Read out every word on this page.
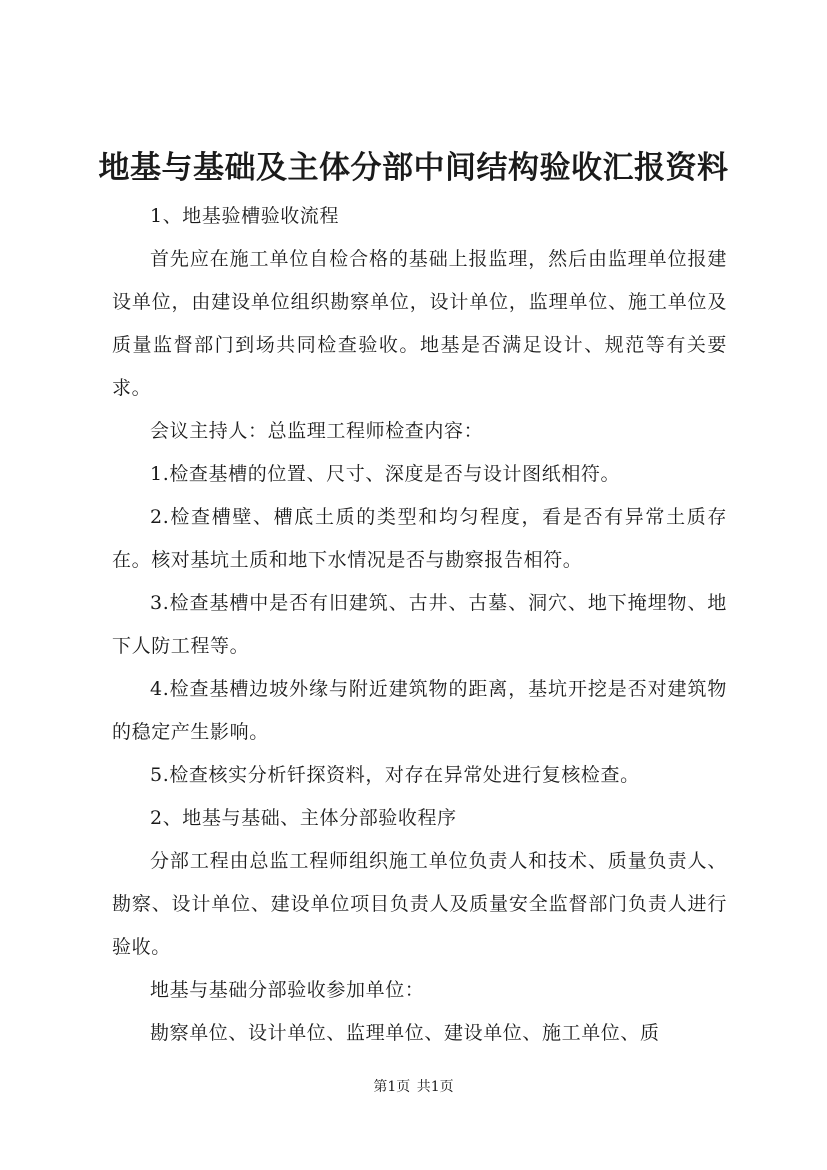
地基与基础及主体分部中间结构验收汇报资料

1、地基验槽验收流程

首先应在施工单位自检合格的基础上报监理，然后由监理单位报建设单位，由建设单位组织勘察单位，设计单位，监理单位、施工单位及质量监督部门到场共同检查验收。地基是否满足设计、规范等有关要求。

会议主持人：总监理工程师检查内容：

1.检查基槽的位置、尺寸、深度是否与设计图纸相符。

2.检查槽壁、槽底土质的类型和均匀程度，看是否有异常土质存在。核对基坑土质和地下水情况是否与勘察报告相符。

3.检查基槽中是否有旧建筑、古井、古墓、洞穴、地下掩埋物、地下人防工程等。

4.检查基槽边坡外缘与附近建筑物的距离，基坑开挖是否对建筑物的稳定产生影响。

5.检查核实分析钎探资料，对存在异常处进行复核检查。

2、地基与基础、主体分部验收程序

分部工程由总监工程师组织施工单位负责人和技术、质量负责人、勘察、设计单位、建设单位项目负责人及质量安全监督部门负责人进行验收。

地基与基础分部验收参加单位：

勘察单位、设计单位、监理单位、建设单位、施工单位、质

第1页 共1页
